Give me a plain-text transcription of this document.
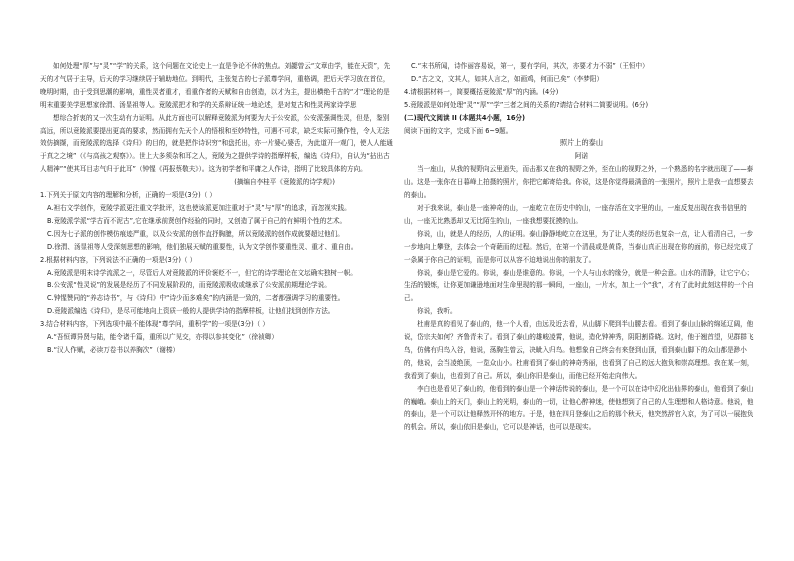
如何处理“厚”与“灵”“学”的关系，这个问题在文论史上一直是争论不休的焦点。刘勰曾云“文章由学，能在天资”，先天的才气居于主导，后天的学习继续居于辅助地位。到明代，主张复古的七子派尊学问，重格调，把后天学习放在首位，晚明时期，由于受到思潮的影响，重性灵者重才，看重作者的天赋和自由创造，以才为主，提出横绝千古的“才”理论的是明末重要美学思想家徐渭、汤显祖等人。竟陵派把才和学的关系辩证统一地论述，是对复古和性灵两家诗学思

想综合折衷的又一次生动有力证明。从此方面也可以解释竟陵派为何要为大于公安派，公安派强调性灵，但是，鉴别高远，所以竟陵派要提出更高的要求，然而拥有先天个人的悟根和至妙特性，可遇不可求，缺乏实际可操作性，令人无法效仿摘撷，而竟陵派的选择《诗归》的目的，就是把作诗识穷“和盘托出，亦一片婆心婆舌，为此道开一观门，使人人能通于真之之境”（《与高孩之观察》）。世上大多须杂和耳之人，竟陵为之提供学诗的指摩样板，编选《诗归》，自认为“拈出古人精神”“使其耳目志气归于此耳”（钟惺《再报蔡敬夫》）。这为初学者和平庸之人作诗，指明了比较具体的方向。

(摘编自李桂平《竟陵派的诗学观》)

1.下列关于原文内容的理解和分析，正确的一项是(3分)（ ）

A.袒右文学创作，竟陵学派更注重文学批评，这也使该派更加注重对于“灵”与“厚”的追求，而忽视实践。

B.竟陵派学派“学古而不泥古”,它在继承前贤创作经验的同时，又创造了属于自己的有鲜明个性的艺术。

C.因为七子派的创作模仿痕迹严重，以及公安派的创作直抒胸臆，所以竟陵派的创作成就要超过他们。

D.徐渭、汤显祖等人受深刻思想的影响，他们独展天赋的重要性，认为文学创作要重性灵、重才、重自由。

2.根据材料内容，下列说法不正确的一项是(3分)（ ）

A.竟陵派是明末诗学流派之一，尽管后人对竟陵派的评价褒贬不一，但它的诗学理论在文坛确实独树一帜。

B.公安派“性灵说”的发展是经历了不同发展阶段的，而竟陵派吸收或继承了公安派前期理论学说。

C.钟惺赞同的“养志诗书”，与《诗归》中“诗少而多难矣”的内涵是一致的，二者都强调学习的重要性。

D.竟陵派编选《诗归》，是尽可能地向上资质一般的人提供学诗的指摩样板，让他们找到创作方法。

3.结合材料内容，下列选项中最不能体现“尊学问，重积学”的一项是(3分)（ ）

A.“吾恒谭异贤与陆，能令诸千篇，重所以广见交，亦得以参其变化”（徐祯卿）

B.“汉人作赋，必读万卷书以养胸次”（谢榛）

C.“末书所闻，诗作丽容易说，第一，要有学问，其次，亦要才力不弱”（王恒中）

D.“古之文，文其人，如其人言之，如画鸡，何而已矣”（李梦阳）

4.请根据材料一，简要概括竟陵派“厚”的内涵。(4分)

5.竟陵派是如何处理“灵”“厚”“学”三者之间的关系的?请结合材料二简要说明。(6分)

(二)现代文阅读 II (本题共4小题，16分)

阅读下面的文字，完成下面 6~9题。

照片上的泰山

阿诺

当一座山，从我的视野向云里逍失，而击那又在我的视野之外，至在山的视野之外，一个熟悉的名字就出现了——泰山。这是一张你在日暮峰上拍摄的照片，你把它邮寄给我。你说，这是你觉得最满意的一张照片，照片上是我一直想要去的泰山。

对于我来说，泰山是一座神奇的山，一座屹立在历史中的山，一座存活在文字里的山，一座反复出现在我书信里的山，一座无比熟悉却又无比陌生的山，一座我想要抚摸的山。

你说，山，就是人的经历，人的证明。泰山静静地屹立在这里，为了让人类的经历也复杂一点，让人看清自己，一步一步地向上攀登，去体会一个奇葩而的过程。然后，在第一个清晨或是黄昏，当泰山真正出现在你的面前，你已经完成了一条属于你自己的证明，而是你可以从容不迫地说出你的朋友了。

你说，泰山是它爱的。你说，泰山是谁意的。你说，一个人与山水的缘分，就是一种会意。山水的清静，让它宁心；生活的锻炼，让你更加谦逊地面对生命里现的那一瞬间，一座山，一片水，加上一个“我”，才有了此时此刻这样的一个自己。

你说，我听。

杜甫是真的看见了泰山的，他一个人看，由远及近去看，从山脚下爬到半山腰去看。看到了泰山山脉的绵延辽阔，他说，岱宗夫如何？齐鲁青未了。看到了泰山的雄峻凌霄，他说，造化钟神秀，阴阳割昏晓。这时，他于翘首望，见群群飞鸟，仿佛有归鸟入谷，他说，荡胸生曾云，决眦入归鸟。他想象自己终会有来登到山顶，看到泰山脚下的众山都是渺小的，他说，会当凌绝顶，一览众山小。杜甫看到了泰山的神奇秀丽，也看到了自己的远大抱负和崇高理想。我在某一刻，我看到了泰山，也看到了自己。所以，泰山你旧是泰山，而他已经开始走向伟大。

李白也是看见了泰山的，他看到的泰山是一个神话传说的泰山，是一个可以在诗中幻化出仙界的泰山，他看到了泰山的巍峨。泰山上的天门，泰山上的光明，泰山的一切，让他心醉神迷，使他想到了自己的人生理想和人格诗意。他说，他的泰山，是一个可以让他释然开怀的地方。于是，他在四月登泰山之后的那个秋天，他突然辞官入京，为了可以一展抱负的机会。所以，泰山依旧是泰山，它可以是神话，也可以是现实。
